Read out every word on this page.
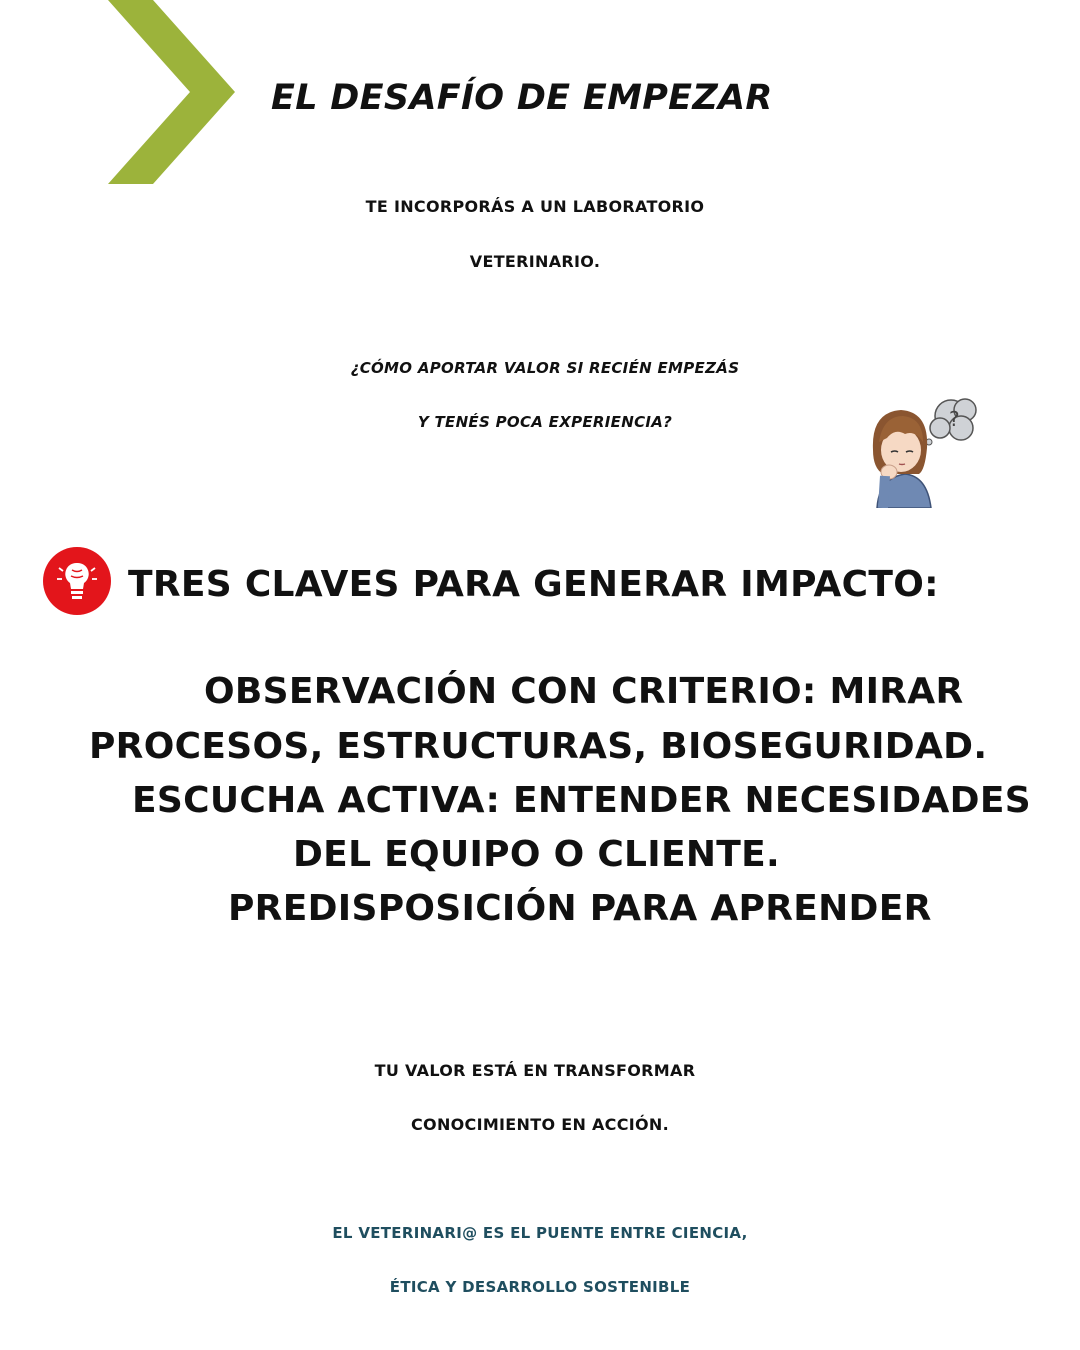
EL DESAFÍO DE EMPEZAR
TE INCORPORÁS A UN LABORATORIO
VETERINARIO.
¿CÓMO APORTAR VALOR SI RECIÉN EMPEZÁS
Y TENÉS POCA EXPERIENCIA?	?
TRES CLAVES PARA GENERAR IMPACTO:
OBSERVACIÓN CON CRITERIO: MIRAR
PROCESOS, ESTRUCTURAS, BIOSEGURIDAD.
ESCUCHA ACTIVA: ENTENDER NECESIDADES
DEL EQUIPO O CLIENTE.
PREDISPOSICIÓN PARA APRENDER
TU VALOR ESTÁ EN TRANSFORMAR
CONOCIMIENTO EN ACCIÓN.
EL VETERINARI@ ES EL PUENTE ENTRE CIENCIA,
ÉTICA Y DESARROLLO SOSTENIBLE
